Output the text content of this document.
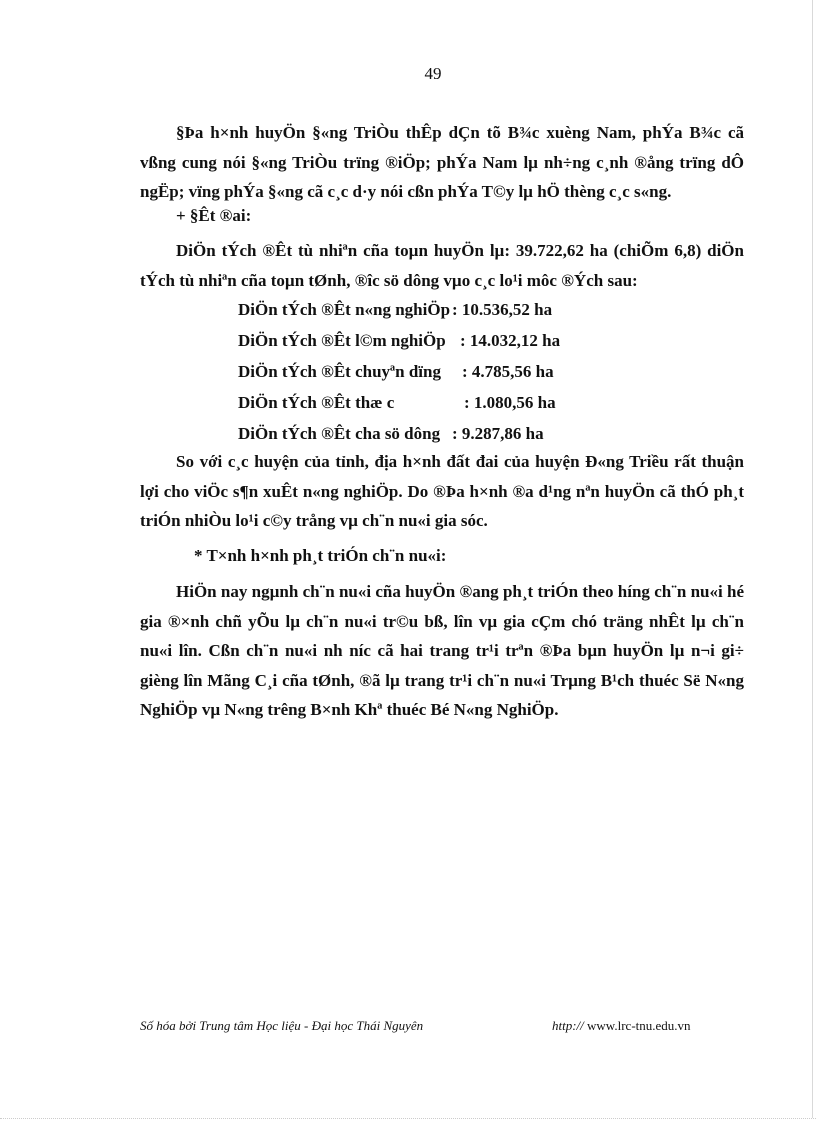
49

§Þa h×nh huyÖn §«ng TriÒu thÊp dÇn tõ B¾c xuèng Nam, phÝa B¾c cã vßng cung nói §«ng TriÒu trïng ®iÖp; phÝa Nam lµ nh÷ng c¸nh ®ång trïng dÔ ngËp; vïng phÝa §«ng cã c¸c d·y nói cßn phÝa T©y lµ hÖ thèng c¸c s«ng.

+ §Êt ®ai:

DiÖn tÝch ®Êt tù nhiªn cña toµn huyÖn lµ: 39.722,62 ha (chiÕm 6,8) diÖn tÝch tù nhiªn cña toµn tØnh, ®îc sö dông vµo c¸c lo¹i môc ®Ých sau:

DiÖn tÝch ®Êt n«ng nghiÖp : 10.536,52 ha
DiÖn tÝch ®Êt l©m nghiÖp : 14.032,12 ha
DiÖn tÝch ®Êt chuyªn dïng : 4.785,56 ha
DiÖn tÝch ®Êt thæ c	: 1.080,56 ha
DiÖn tÝch ®Êt cha sö dông : 9.287,86 ha

So với c¸c huyện của tỉnh, địa h×nh đất đai của huyện Đ«ng Triều rất thuận lợi cho viÖc s¶n xuÊt n«ng nghiÖp. Do ®Þa h×nh ®a d¹ng nªn huyÖn cã thÓ ph¸t triÓn nhiÒu lo¹i c©y trång vµ ch¨n nu«i gia sóc.

* T×nh h×nh ph¸t triÓn ch¨n nu«i:

HiÖn nay ngµnh ch¨n nu«i cña huyÖn ®ang ph¸t triÓn theo híng ch¨n nu«i hé gia ®×nh chñ yÕu lµ ch¨n nu«i tr©u bß, lîn vµ gia cÇm chó träng nhÊt lµ ch¨n nu«i lîn. Cßn ch¨n nu«i nh níc cã hai trang tr¹i trªn ®Þa bµn huyÖn lµ n¬i gi÷ gièng lîn Mãng C¸i cña tØnh, ®ã lµ trang tr¹i ch¨n nu«i Trµng B¹ch thuéc Së N«ng NghiÖp vµ N«ng trêng B×nh Khª thuéc Bé N«ng NghiÖp.

Số hóa bởi Trung tâm Học liệu - Đại học Thái Nguyên	http:// www.lrc-tnu.edu.vn
